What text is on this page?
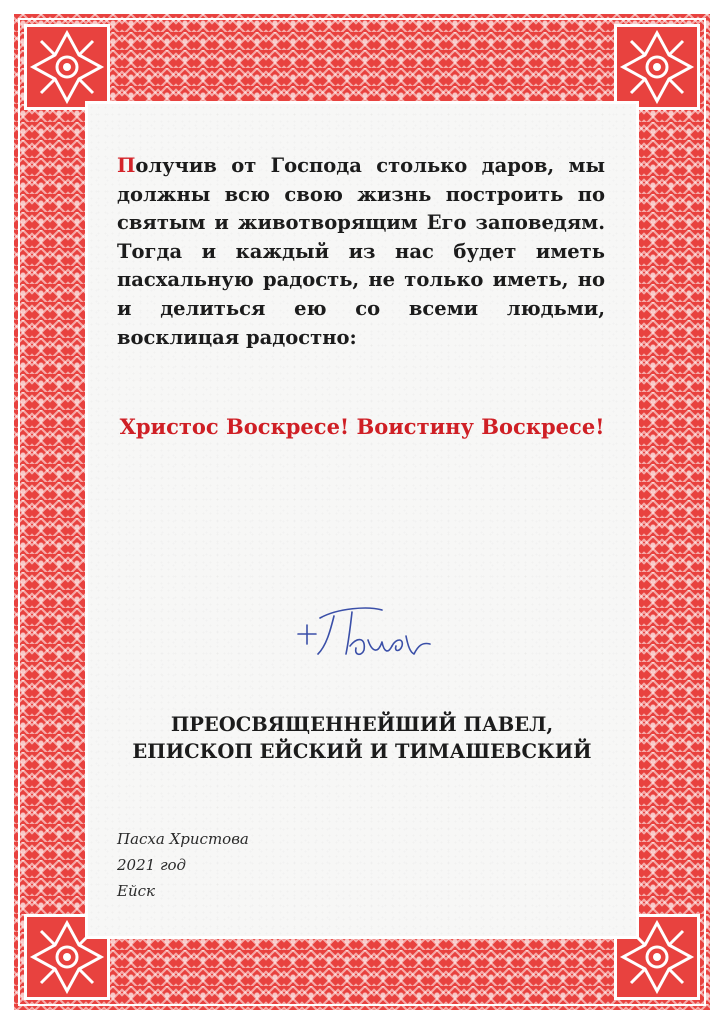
Получив от Господа столько даров, мы должны всю свою жизнь построить по святым и животворящим Его заповедям. Тогда и каждый из нас будет иметь пасхальную радость, не только иметь, но и делиться ею со всеми людьми, восклицая радостно:

Христос Воскресе! Воистину Воскресе!

ПРЕОСВЯЩЕННЕЙШИЙ ПАВЕЛ,
ЕПИСКОП ЕЙСКИЙ И ТИМАШЕВСКИЙ

Пасха Христова
2021 год
Ейск
